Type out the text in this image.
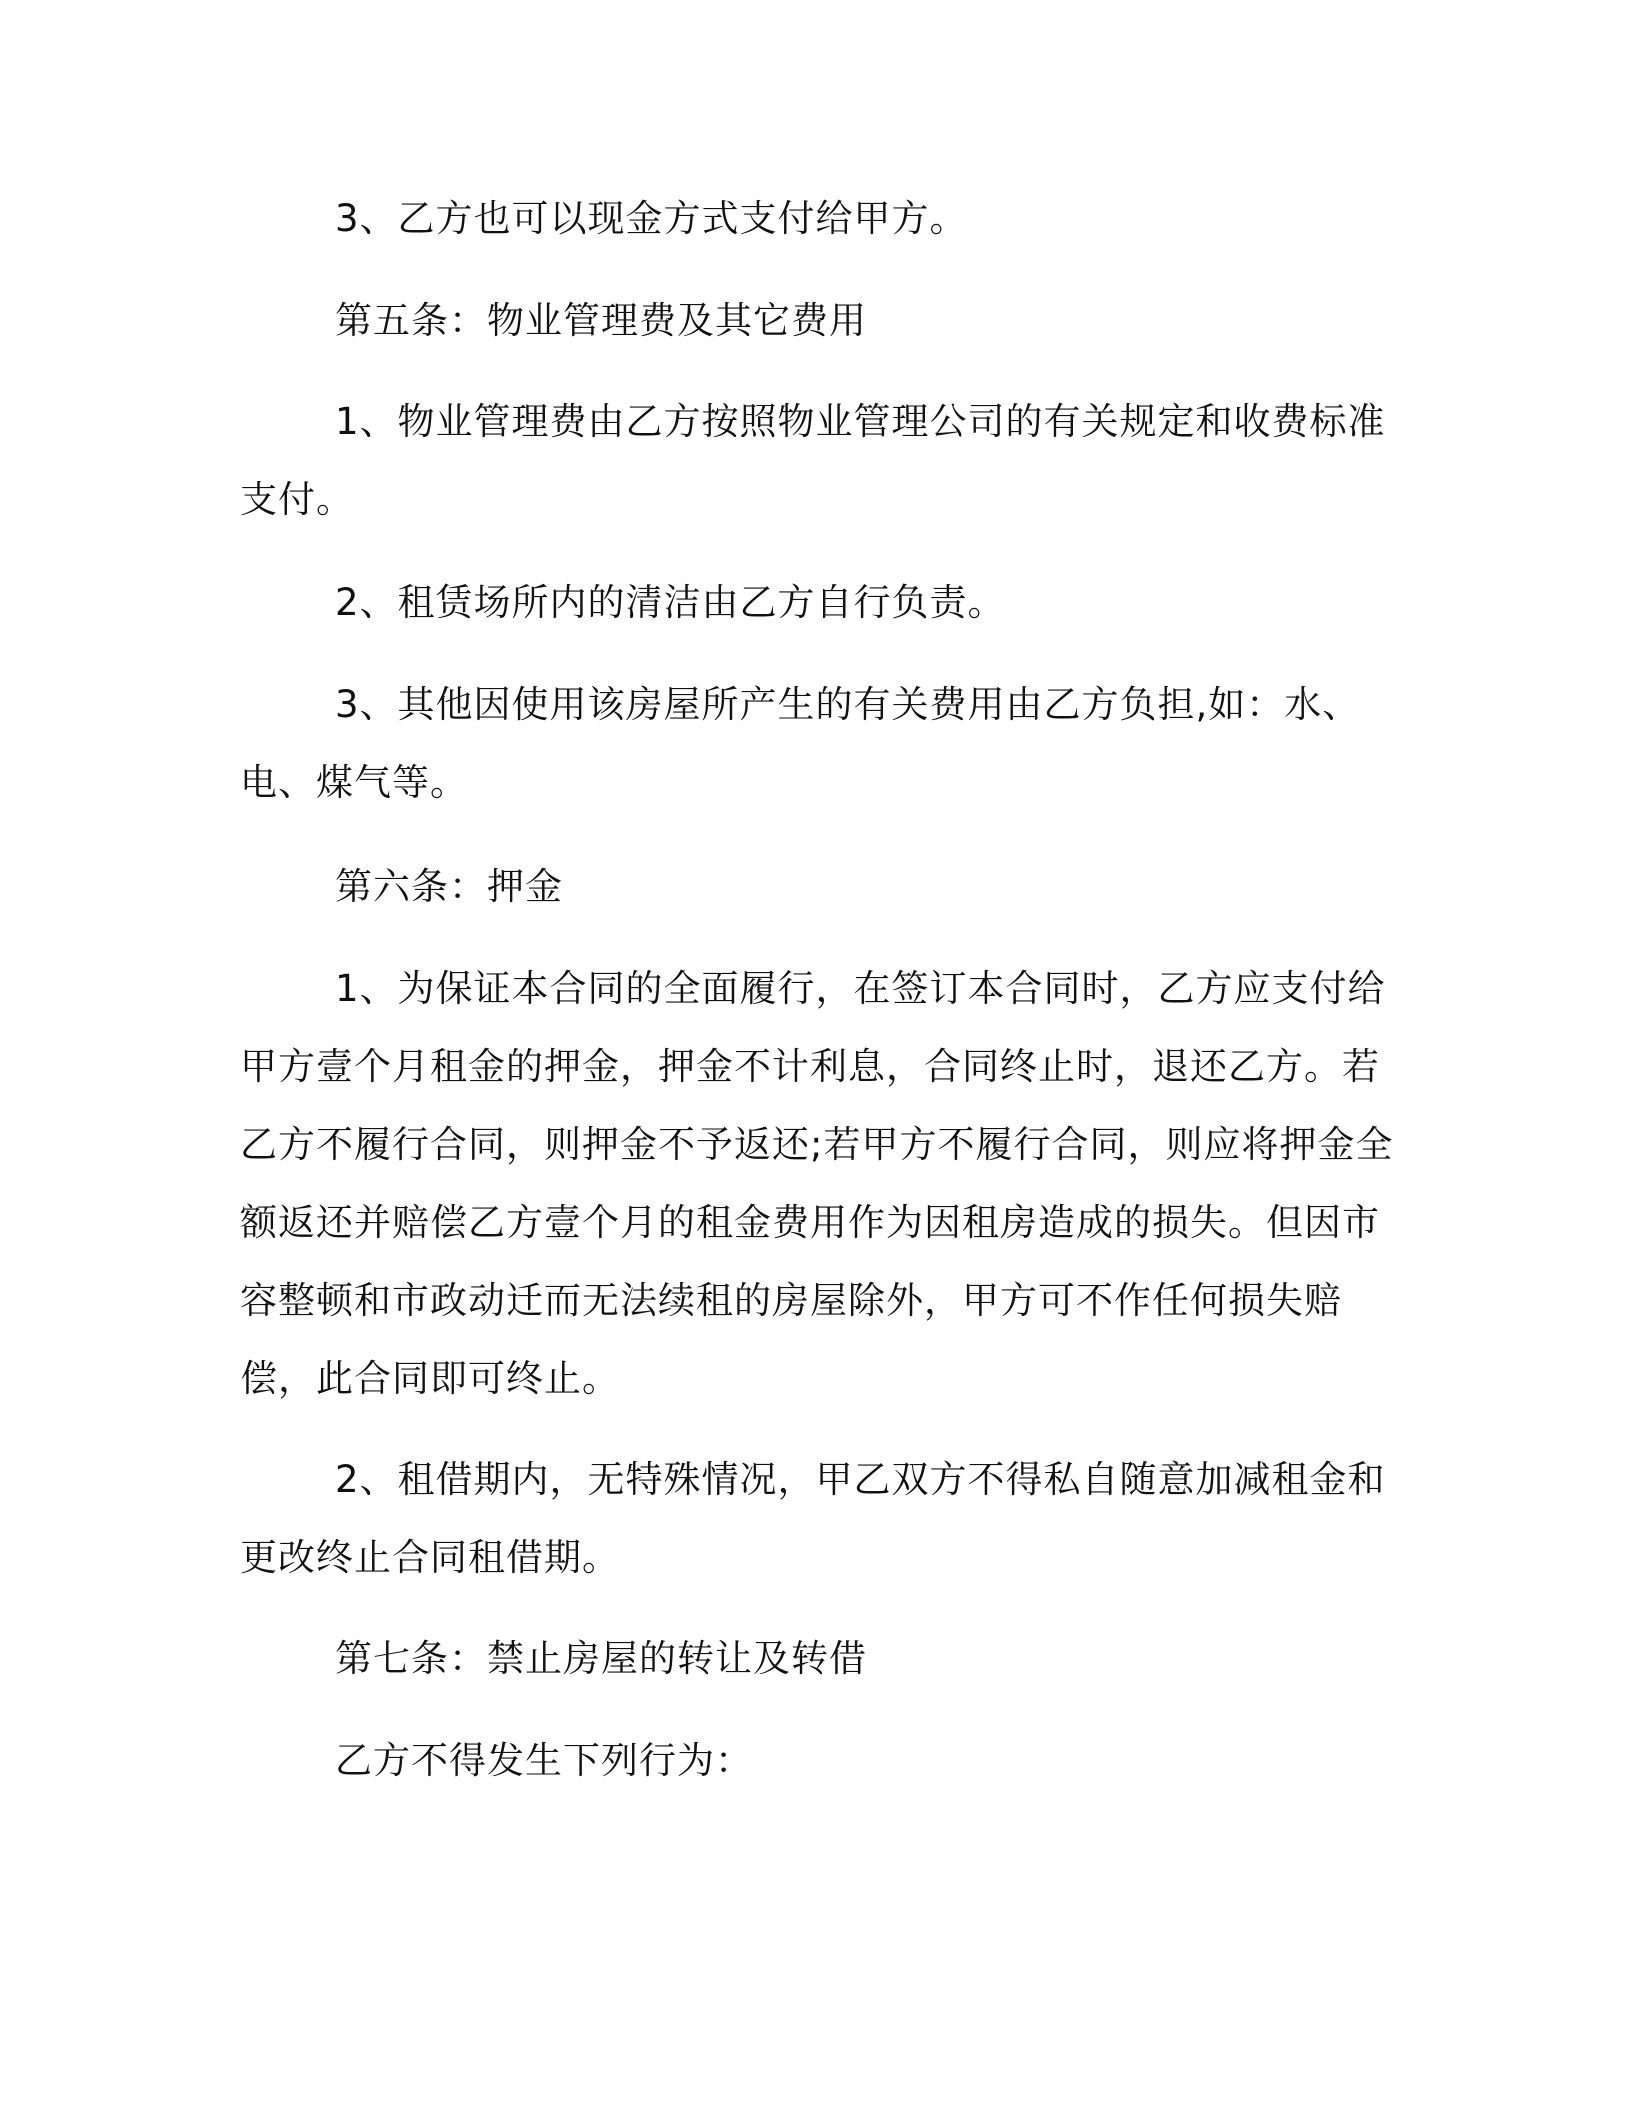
3、乙方也可以现金方式支付给甲方。

第五条：物业管理费及其它费用

1、物业管理费由乙方按照物业管理公司的有关规定和收费标准支付。

2、租赁场所内的清洁由乙方自行负责。

3、其他因使用该房屋所产生的有关费用由乙方负担,如：水、电、煤气等。

第六条：押金

1、为保证本合同的全面履行，在签订本合同时，乙方应支付给甲方壹个月租金的押金，押金不计利息，合同终止时，退还乙方。若乙方不履行合同，则押金不予返还;若甲方不履行合同，则应将押金全额返还并赔偿乙方壹个月的租金费用作为因租房造成的损失。但因市容整顿和市政动迁而无法续租的房屋除外，甲方可不作任何损失赔偿，此合同即可终止。

2、租借期内，无特殊情况，甲乙双方不得私自随意加减租金和更改终止合同租借期。

第七条：禁止房屋的转让及转借

乙方不得发生下列行为：
